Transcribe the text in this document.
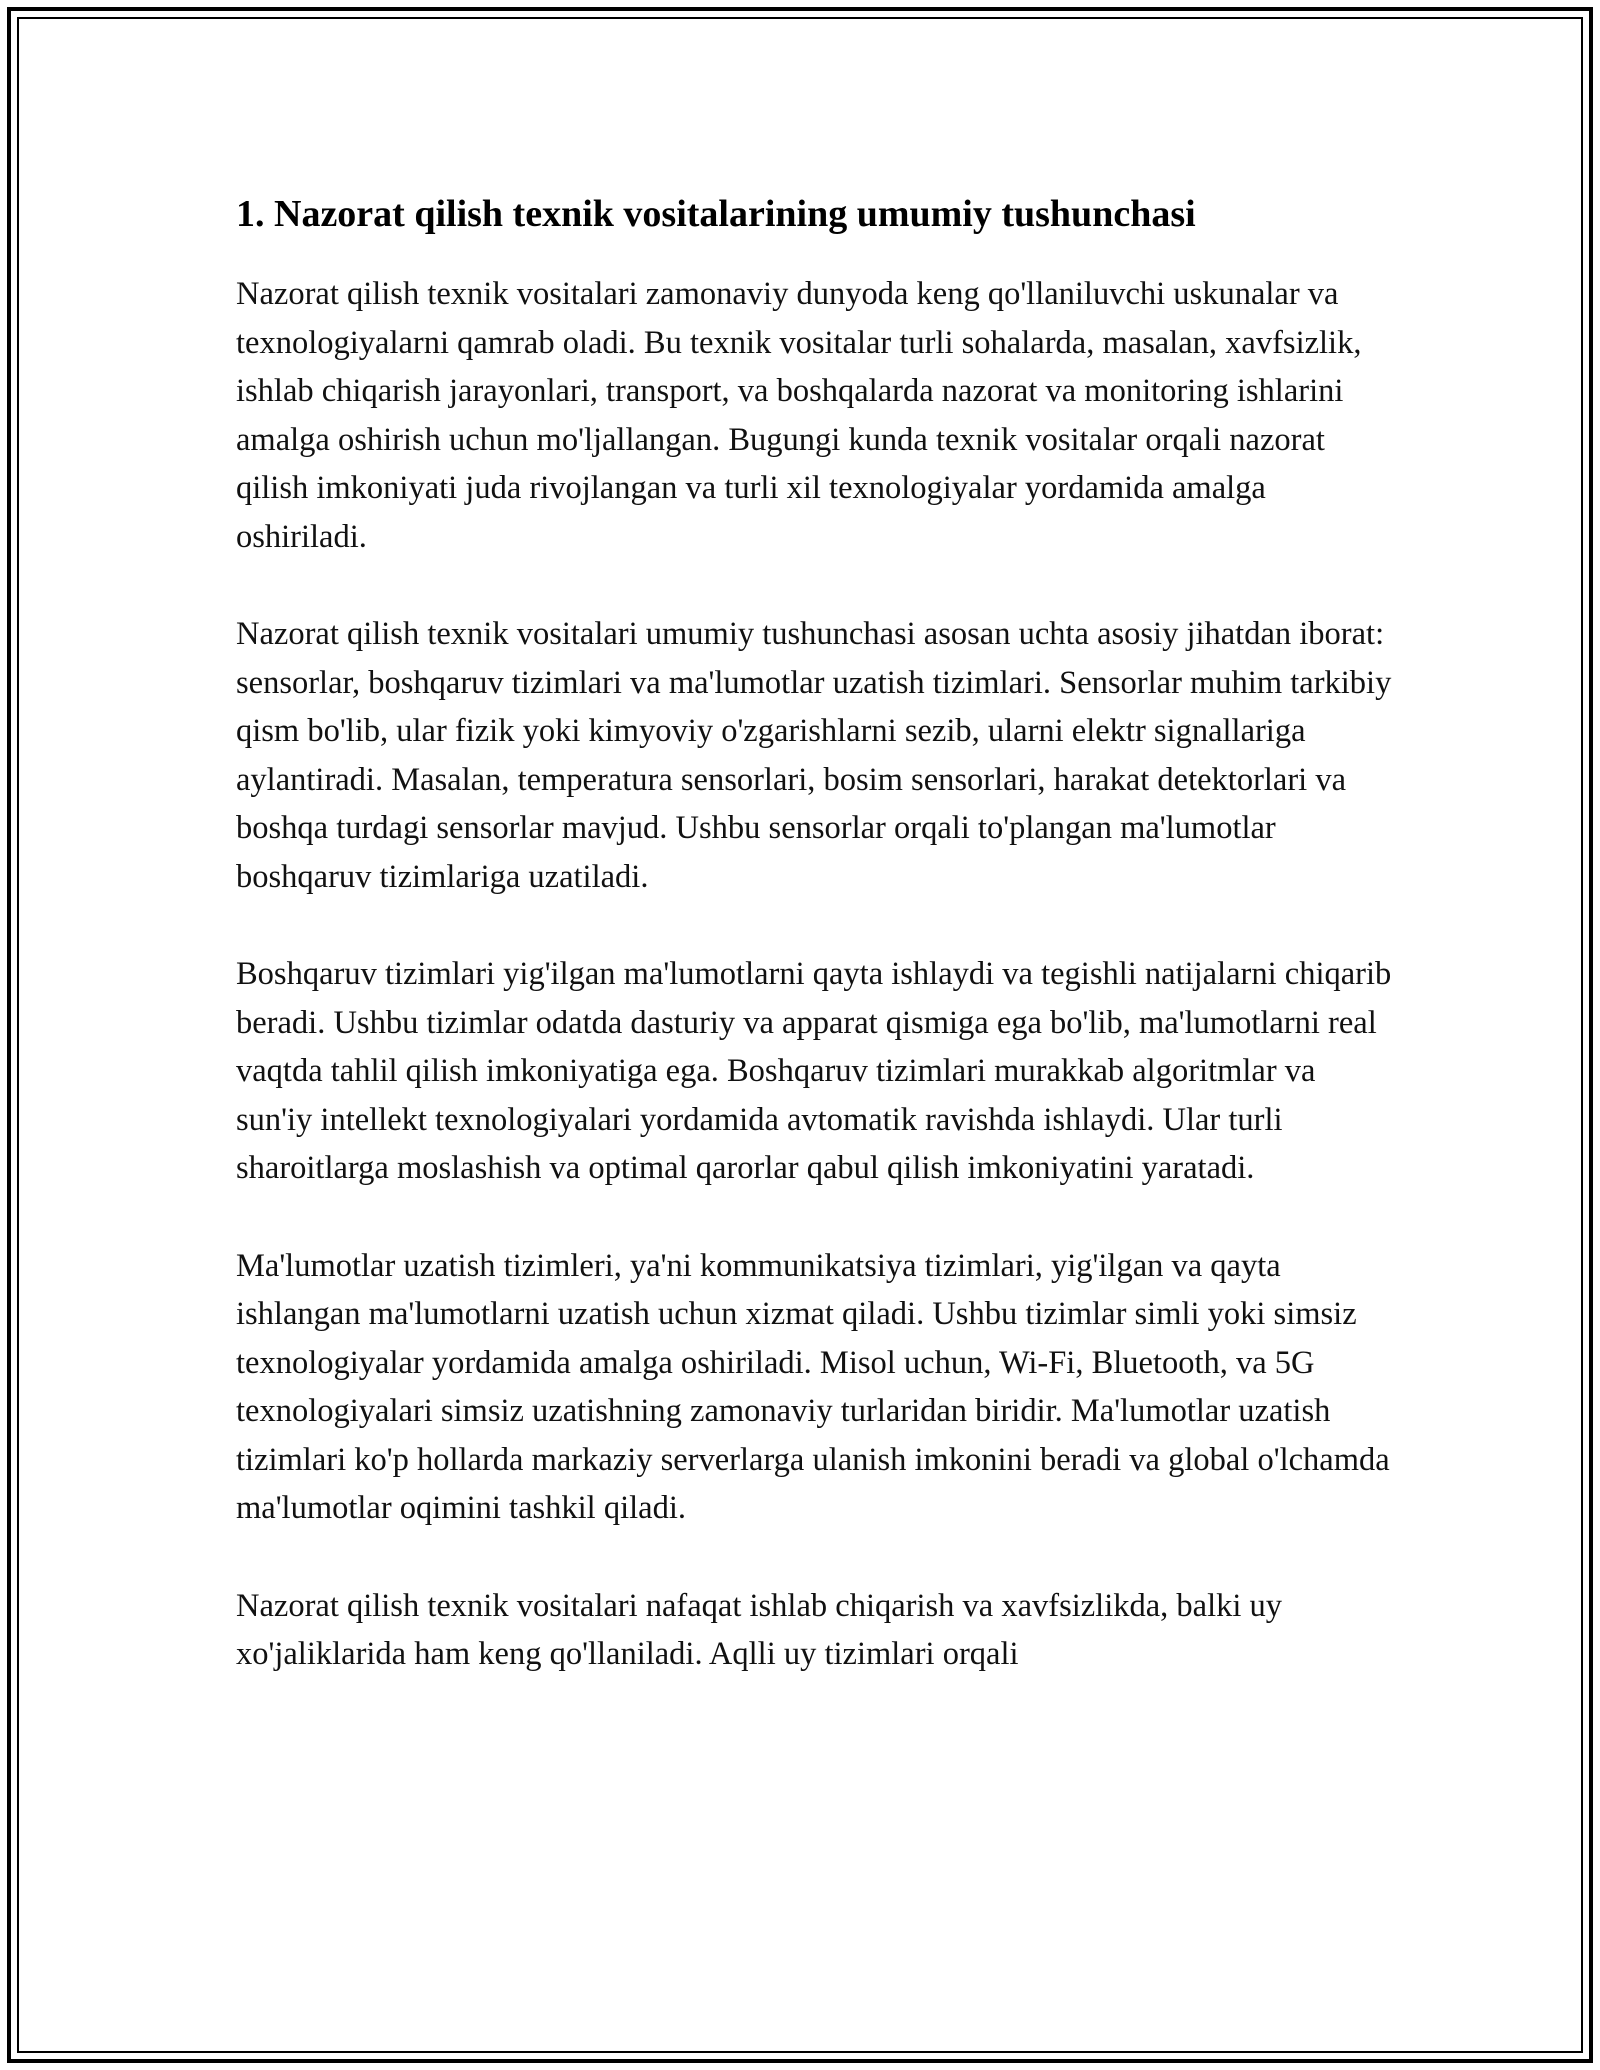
1. Nazorat qilish texnik vositalarining umumiy tushunchasi

Nazorat qilish texnik vositalari zamonaviy dunyoda keng qo'llaniluvchi uskunalar va texnologiyalarni qamrab oladi. Bu texnik vositalar turli sohalarda, masalan, xavfsizlik, ishlab chiqarish jarayonlari, transport, va boshqalarda nazorat va monitoring ishlarini amalga oshirish uchun mo'ljallangan. Bugungi kunda texnik vositalar orqali nazorat qilish imkoniyati juda rivojlangan va turli xil texnologiyalar yordamida amalga oshiriladi.

Nazorat qilish texnik vositalari umumiy tushunchasi asosan uchta asosiy jihatdan iborat: sensorlar, boshqaruv tizimlari va ma'lumotlar uzatish tizimlari. Sensorlar muhim tarkibiy qism bo'lib, ular fizik yoki kimyoviy o'zgarishlarni sezib, ularni elektr signallariga aylantiradi. Masalan, temperatura sensorlari, bosim sensorlari, harakat detektorlari va boshqa turdagi sensorlar mavjud. Ushbu sensorlar orqali to'plangan ma'lumotlar boshqaruv tizimlariga uzatiladi.

Boshqaruv tizimlari yig'ilgan ma'lumotlarni qayta ishlaydi va tegishli natijalarni chiqarib beradi. Ushbu tizimlar odatda dasturiy va apparat qismiga ega bo'lib, ma'lumotlarni real vaqtda tahlil qilish imkoniyatiga ega. Boshqaruv tizimlari murakkab algoritmlar va sun'iy intellekt texnologiyalari yordamida avtomatik ravishda ishlaydi. Ular turli sharoitlarga moslashish va optimal qarorlar qabul qilish imkoniyatini yaratadi.

Ma'lumotlar uzatish tizimleri, ya'ni kommunikatsiya tizimlari, yig'ilgan va qayta ishlangan ma'lumotlarni uzatish uchun xizmat qiladi. Ushbu tizimlar simli yoki simsiz texnologiyalar yordamida amalga oshiriladi. Misol uchun, Wi-Fi, Bluetooth, va 5G texnologiyalari simsiz uzatishning zamonaviy turlaridan biridir. Ma'lumotlar uzatish tizimlari ko'p hollarda markaziy serverlarga ulanish imkonini beradi va global o'lchamda ma'lumotlar oqimini tashkil qiladi.

Nazorat qilish texnik vositalari nafaqat ishlab chiqarish va xavfsizlikda, balki uy xo'jaliklarida ham keng qo'llaniladi. Aqlli uy tizimlari orqali
